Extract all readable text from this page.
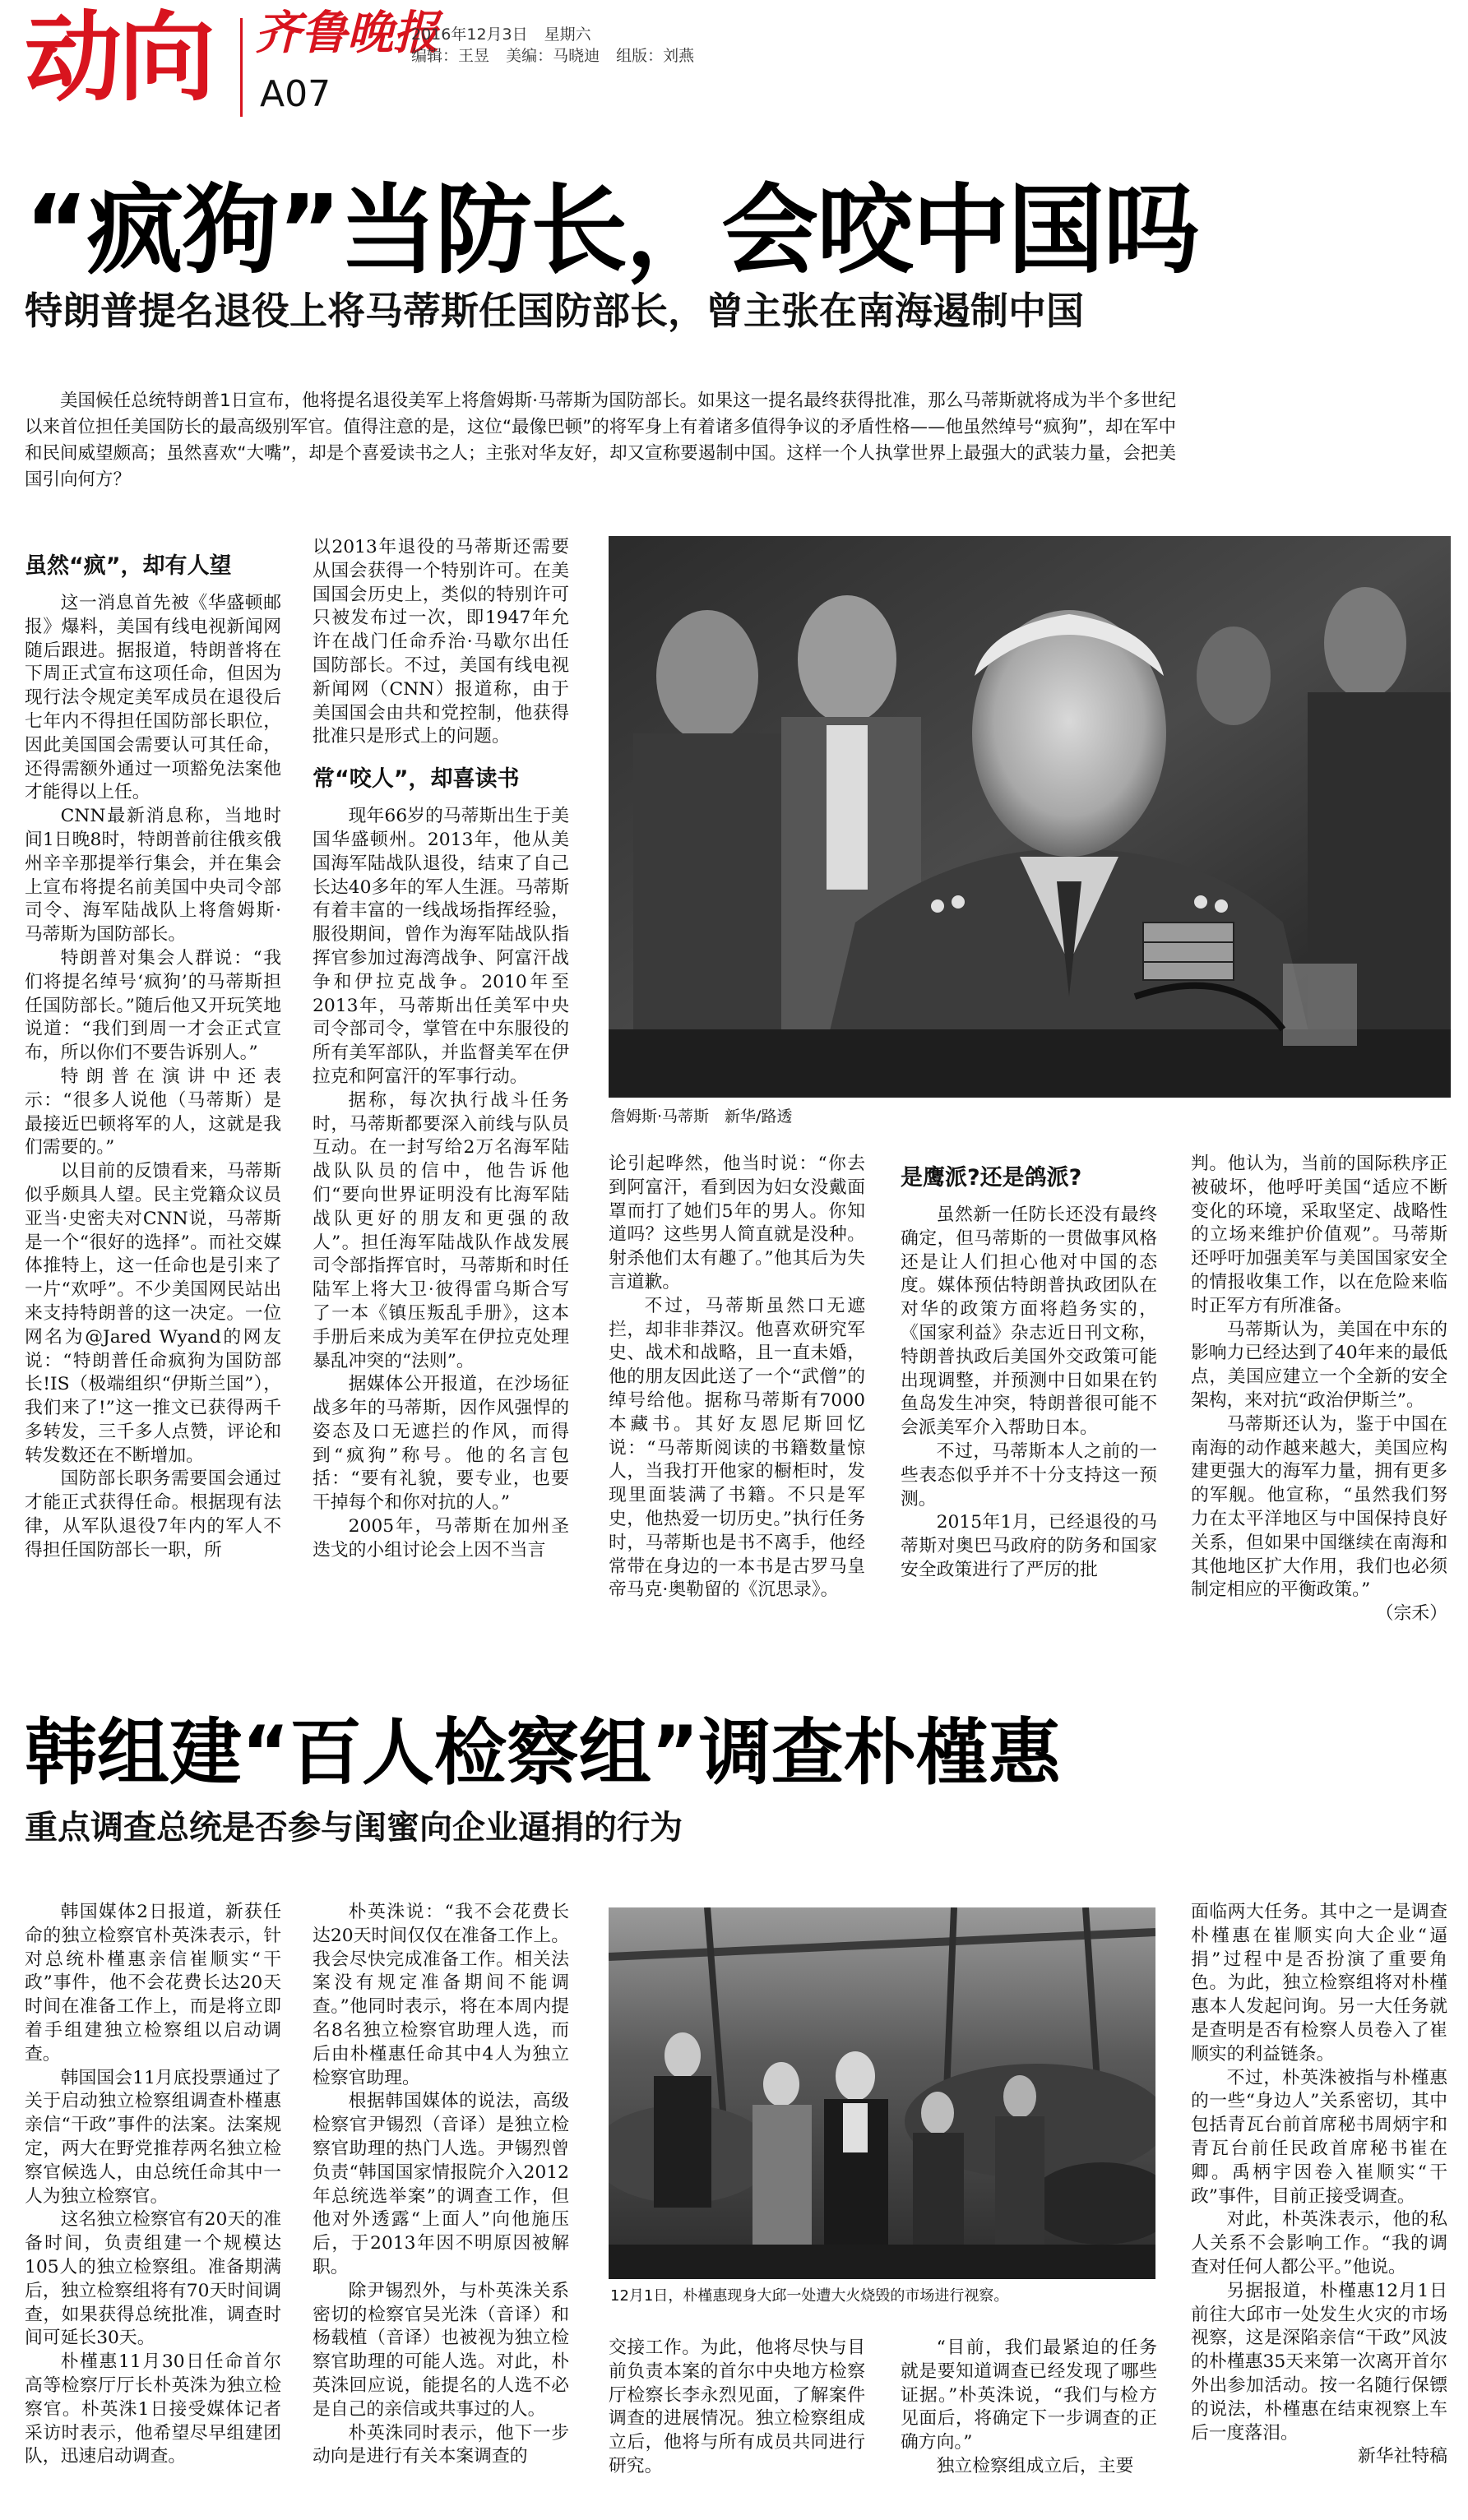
动向 齐鲁晚报
A07
2016年12月3日 星期六
编辑：王昱 美编：马晓迪 组版：刘燕
“疯狗”当防长，会咬中国吗
特朗普提名退役上将马蒂斯任国防部长，曾主张在南海遏制中国
美国候任总统特朗普1日宣布，他将提名退役美军上将詹姆斯·马蒂斯为国防部长。如果这一提名最终获得批准，那么马蒂斯就将成为半个多世纪以来首位担任美国防长的最高级别军官。值得注意的是，这位“最像巴顿”的将军身上有着诸多值得争议的矛盾性格——他虽然绰号“疯狗”，却在军中和民间威望颇高；虽然喜欢“大嘴”，却是个喜爱读书之人；主张对华友好，却又宣称要遏制中国。这样一个人执掌世界上最强大的武装力量，会把美国引向何方？
虽然“疯”，却有人望

这一消息首先被《华盛顿邮报》爆料，美国有线电视新闻网随后跟进。据报道，特朗普将在下周正式宣布这项任命，但因为现行法令规定美军成员在退役后七年内不得担任国防部长职位，因此美国国会需要认可其任命，还得需额外通过一项豁免法案他才能得以上任。

CNN最新消息称，当地时间1日晚8时，特朗普前往俄亥俄州辛辛那提举行集会，并在集会上宣布将提名前美国中央司令部司令、海军陆战队上将詹姆斯·马蒂斯为国防部长。

特朗普对集会人群说：“我们将提名绰号‘疯狗’的马蒂斯担任国防部长。”随后他又开玩笑地说道：“我们到周一才会正式宣布，所以你们不要告诉别人。”

特朗普在演讲中还表示：“很多人说他（马蒂斯）是最接近巴顿将军的人，这就是我们需要的。”

以目前的反馈看来，马蒂斯似乎颇具人望。民主党籍众议员亚当·史密夫对CNN说，马蒂斯是一个“很好的选择”。而社交媒体推特上，这一任命也是引来了一片“欢呼”。不少美国网民站出来支持特朗普的这一决定。一位网名为@Jared Wyand的网友说：“特朗普任命疯狗为国防部长!IS（极端组织“伊斯兰国”），我们来了!”这一推文已获得两千多转发，三千多人点赞，评论和转发数还在不断增加。

国防部长职务需要国会通过才能正式获得任命。根据现有法律，从军队退役7年内的军人不得担任国防部长一职，所

以2013年退役的马蒂斯还需要从国会获得一个特别许可。在美国国会历史上，类似的特别许可只被发布过一次，即1947年允许在战门任命乔治·马歇尔出任国防部长。不过，美国有线电视新闻网（CNN）报道称，由于美国国会由共和党控制，他获得批准只是形式上的问题。

常“咬人”，却喜读书

现年66岁的马蒂斯出生于美国华盛顿州。2013年，他从美国海军陆战队退役，结束了自己长达40多年的军人生涯。马蒂斯有着丰富的一线战场指挥经验，服役期间，曾作为海军陆战队指挥官参加过海湾战争、阿富汗战争和伊拉克战争。2010年至2013年，马蒂斯出任美军中央司令部司令，掌管在中东服役的所有美军部队，并监督美军在伊拉克和阿富汗的军事行动。

据称，每次执行战斗任务时，马蒂斯都要深入前线与队员互动。在一封写给2万名海军陆战队队员的信中，他告诉他们“要向世界证明没有比海军陆战队更好的朋友和更强的敌人”。担任海军陆战队作战发展司令部指挥官时，马蒂斯和时任陆军上将大卫·彼得雷乌斯合写了一本《镇压叛乱手册》，这本手册后来成为美军在伊拉克处理暴乱冲突的“法则”。

据媒体公开报道，在沙场征战多年的马蒂斯，因作风强悍的姿态及口无遮拦的作风，而得到“疯狗”称号。他的名言包括：“要有礼貌，要专业，也要干掉每个和你对抗的人。”

2005年，马蒂斯在加州圣迭戈的小组讨论会上因不当言

詹姆斯·马蒂斯　新华/路透

论引起哗然，他当时说：“你去到阿富汗，看到因为妇女没戴面罩而打了她们5年的男人。你知道吗？这些男人简直就是没种。射杀他们太有趣了。”他其后为失言道歉。

不过，马蒂斯虽然口无遮拦，却非非莽汉。他喜欢研究军史、战术和战略，且一直未婚，他的朋友因此送了一个“武僧”的绰号给他。据称马蒂斯有7000本藏书。其好友恩尼斯回忆说：“马蒂斯阅读的书籍数量惊人，当我打开他家的橱柜时，发现里面装满了书籍。不只是军史，他热爱一切历史。”执行任务时，马蒂斯也是书不离手，他经常带在身边的一本书是古罗马皇帝马克·奥勒留的《沉思录》。

是鹰派?还是鸽派?

虽然新一任防长还没有最终确定，但马蒂斯的一贯做事风格还是让人们担心他对中国的态度。媒体预估特朗普执政团队在对华的政策方面将趋务实的，《国家利益》杂志近日刊文称，特朗普执政后美国外交政策可能出现调整，并预测中日如果在钓鱼岛发生冲突，特朗普很可能不会派美军介入帮助日本。

不过，马蒂斯本人之前的一些表态似乎并不十分支持这一预测。

2015年1月，已经退役的马蒂斯对奥巴马政府的防务和国家安全政策进行了严厉的批

判。他认为，当前的国际秩序正被破坏，他呼吁美国“适应不断变化的环境，采取坚定、战略性的立场来维护价值观”。马蒂斯还呼吁加强美军与美国国家安全的情报收集工作，以在危险来临时正军方有所准备。

马蒂斯认为，美国在中东的影响力已经达到了40年来的最低点，美国应建立一个全新的安全架构，来对抗“政治伊斯兰”。

马蒂斯还认为，鉴于中国在南海的动作越来越大，美国应构建更强大的海军力量，拥有更多的军舰。他宣称，“虽然我们努力在太平洋地区与中国保持良好关系，但如果中国继续在南海和其他地区扩大作用，我们也必须制定相应的平衡政策。”

（宗禾）

韩组建“百人检察组”调查朴槿惠
重点调查总统是否参与闺蜜向企业逼捐的行为

韩国媒体2日报道，新获任命的独立检察官朴英洙表示，针对总统朴槿惠亲信崔顺实“干政”事件，他不会花费长达20天时间在准备工作上，而是将立即着手组建独立检察组以启动调查。

韩国国会11月底投票通过了关于启动独立检察组调查朴槿惠亲信“干政”事件的法案。法案规定，两大在野党推荐两名独立检察官候选人，由总统任命其中一人为独立检察官。

这名独立检察官有20天的准备时间，负责组建一个规模达105人的独立检察组。准备期满后，独立检察组将有70天时间调查，如果获得总统批准，调查时间可延长30天。

朴槿惠11月30日任命首尔高等检察厅厅长朴英洙为独立检察官。朴英洙1日接受媒体记者采访时表示，他希望尽早组建团队，迅速启动调查。

朴英洙说：“我不会花费长达20天时间仅仅在准备工作上。我会尽快完成准备工作。相关法案没有规定准备期间不能调查。”他同时表示，将在本周内提名8名独立检察官助理人选，而后由朴槿惠任命其中4人为独立检察官助理。

根据韩国媒体的说法，高级检察官尹锡烈（音译）是独立检察官助理的热门人选。尹锡烈曾负责“韩国国家情报院介入2012年总统选举案”的调查工作，但他对外透露“上面人”向他施压后，于2013年因不明原因被解职。

除尹锡烈外，与朴英洙关系密切的检察官吴光洙（音译）和杨载植（音译）也被视为独立检察官助理的可能人选。对此，朴英洙回应说，能提名的人选不必是自己的亲信或共事过的人。

朴英洙同时表示，他下一步动向是进行有关本案调查的

12月1日，朴槿惠现身大邱一处遭大火烧毁的市场进行视察。

交接工作。为此，他将尽快与目前负责本案的首尔中央地方检察厅检察长李永烈见面，了解案件调查的进展情况。独立检察组成立后，他将与所有成员共同进行研究。

“目前，我们最紧迫的任务就是要知道调查已经发现了哪些证据。”朴英洙说，“我们与检方见面后，将确定下一步调查的正确方向。”

独立检察组成立后，主要

面临两大任务。其中之一是调查朴槿惠在崔顺实向大企业“逼捐”过程中是否扮演了重要角色。为此，独立检察组将对朴槿惠本人发起问询。另一大任务就是查明是否有检察人员卷入了崔顺实的利益链条。

不过，朴英洙被指与朴槿惠的一些“身边人”关系密切，其中包括青瓦台前首席秘书周炳宇和青瓦台前任民政首席秘书崔在卿。禹柄宇因卷入崔顺实“干政”事件，目前正接受调查。

对此，朴英洙表示，他的私人关系不会影响工作。“我的调查对任何人都公平。”他说。

另据报道，朴槿惠12月1日前往大邱市一处发生火灾的市场视察，这是深陷亲信“干政”风波的朴槿惠35天来第一次离开首尔外出参加活动。按一名随行保镖的说法，朴槿惠在结束视察上车后一度落泪。

新华社特稿
